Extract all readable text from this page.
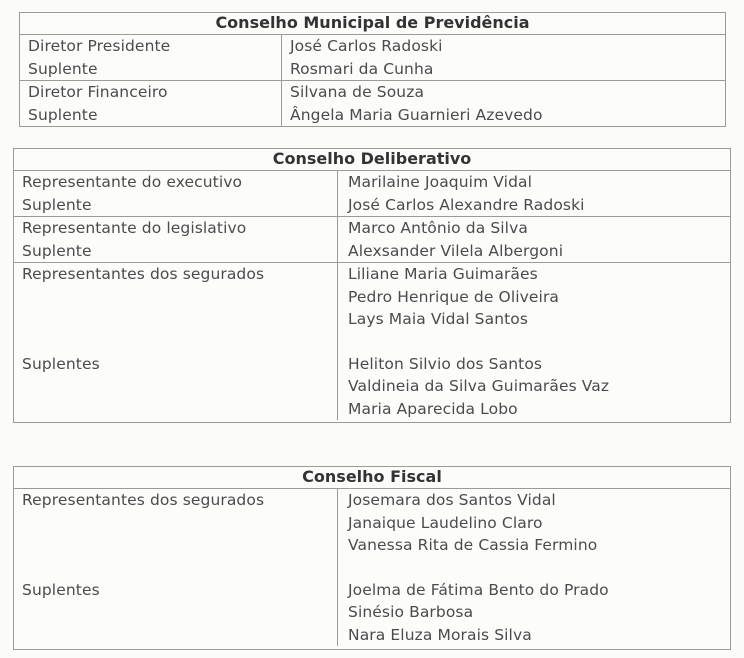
Conselho Municipal de Previdência
Diretor Presidente
Suplente
José Carlos Radoski
Rosmari da Cunha
Diretor Financeiro
Suplente
Silvana de Souza
Ângela Maria Guarnieri Azevedo
Conselho Deliberativo
Representante do executivo
Suplente
Marilaine Joaquim Vidal
José Carlos Alexandre Radoski
Representante do legislativo
Suplente
Marco Antônio da Silva
Alexsander Vilela Albergoni
Representantes dos segurados

Suplentes
Liliane Maria Guimarães
Pedro Henrique de Oliveira
Lays Maia Vidal Santos
Heliton Silvio dos Santos
Valdineia da Silva Guimarães Vaz
Maria Aparecida Lobo
Conselho Fiscal
Representantes dos segurados

Suplentes
Josemara dos Santos Vidal
Janaique Laudelino Claro
Vanessa Rita de Cassia Fermino
Joelma de Fátima Bento do Prado
Sinésio Barbosa
Nara Eluza Morais Silva
